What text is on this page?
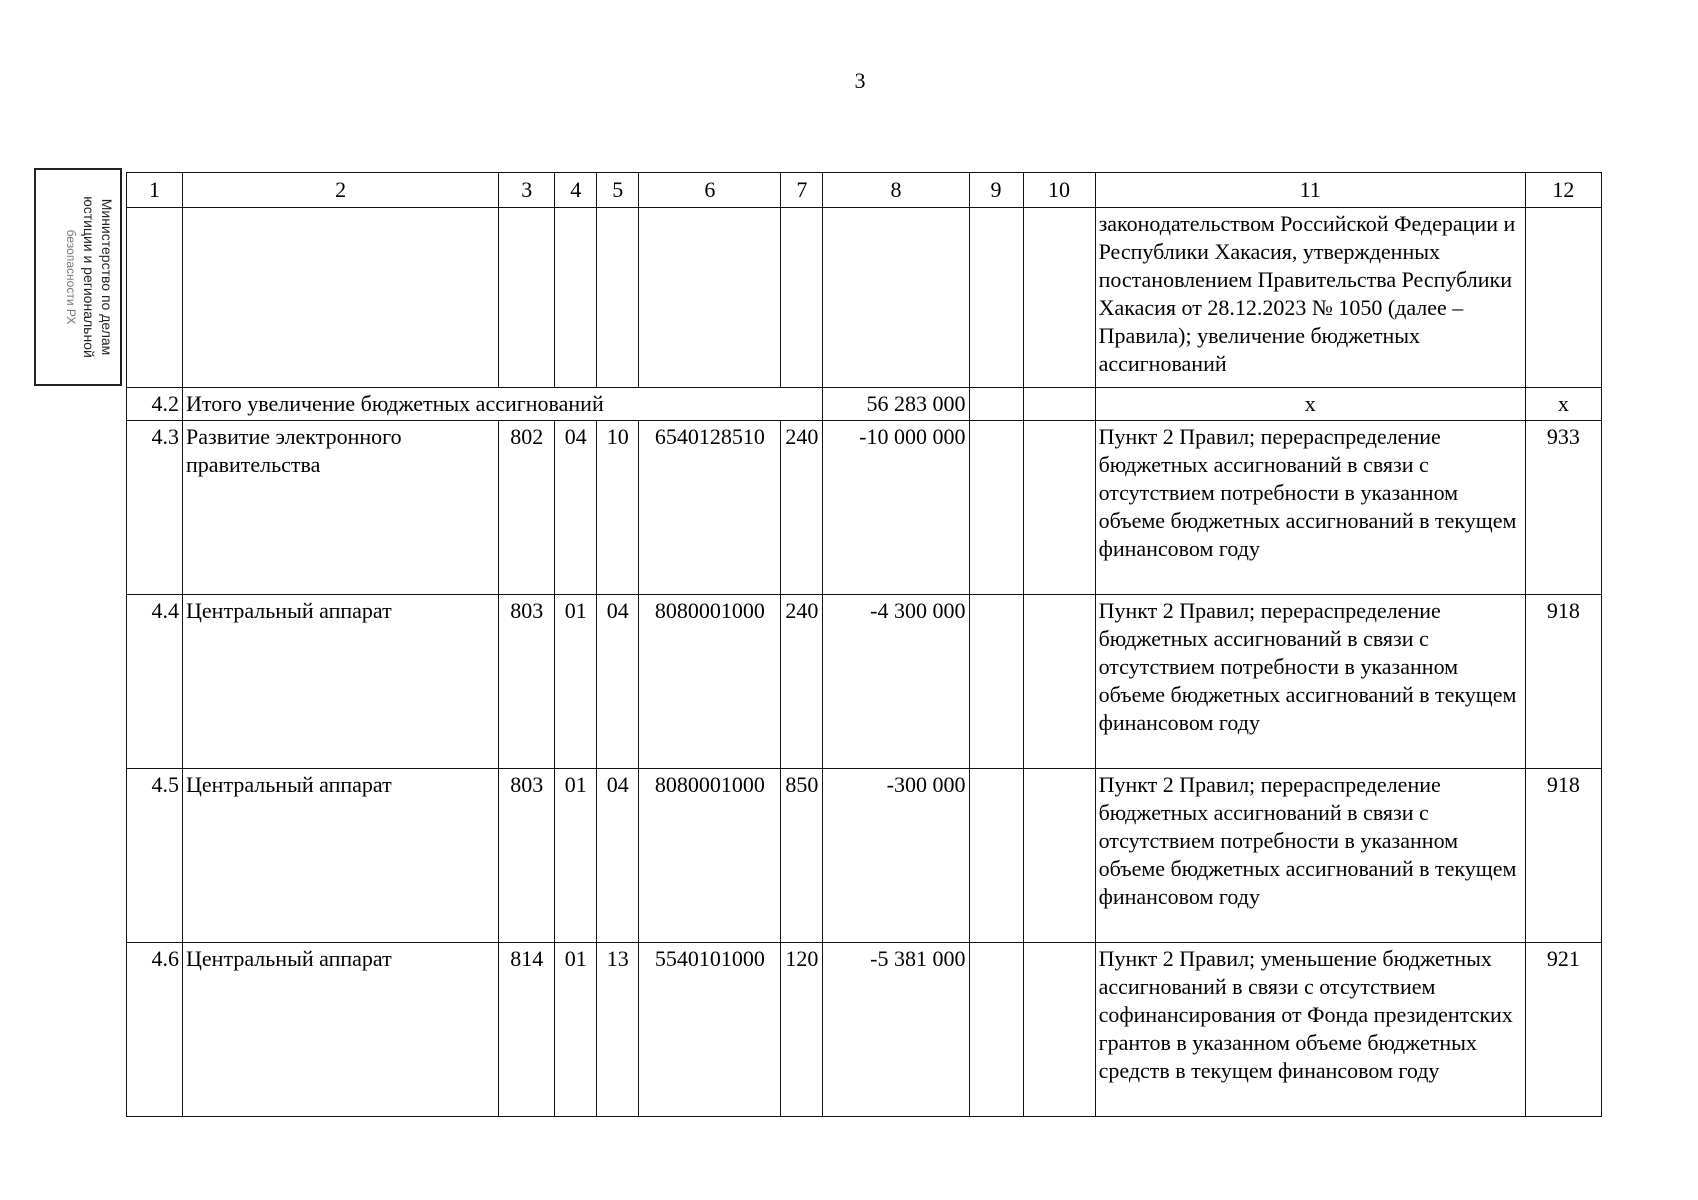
3
Министерство по делам
юстиции и региональной
безопасности РХ
1	2	3	4	5	6	7	8	9	10	11	12
										законодательством Российской Федерации и Республики Хакасия, утвержденных постановлением Правительства Республики Хакасия от 28.12.2023 № 1050 (далее – Правила); увеличение бюджетных ассигнований	
4.2	Итого увеличение бюджетных ассигнований						56 283 000			х	х
4.3	Развитие электронного правительства	802	04	10	6540128510	240	-10 000 000			Пункт 2 Правил; перераспределение бюджетных ассигнований в связи с отсутствием потребности в указанном объеме бюджетных ассигнований в текущем финансовом году	933
4.4	Центральный аппарат	803	01	04	8080001000	240	-4 300 000			Пункт 2 Правил; перераспределение бюджетных ассигнований в связи с отсутствием потребности в указанном объеме бюджетных ассигнований в текущем финансовом году	918
4.5	Центральный аппарат	803	01	04	8080001000	850	-300 000			Пункт 2 Правил; перераспределение бюджетных ассигнований в связи с отсутствием потребности в указанном объеме бюджетных ассигнований в текущем финансовом году	918
4.6	Центральный аппарат	814	01	13	5540101000	120	-5 381 000			Пункт 2 Правил; уменьшение бюджетных ассигнований в связи с отсутствием софинансирования от Фонда президентских грантов в указанном объеме бюджетных средств в текущем финансовом году	921
